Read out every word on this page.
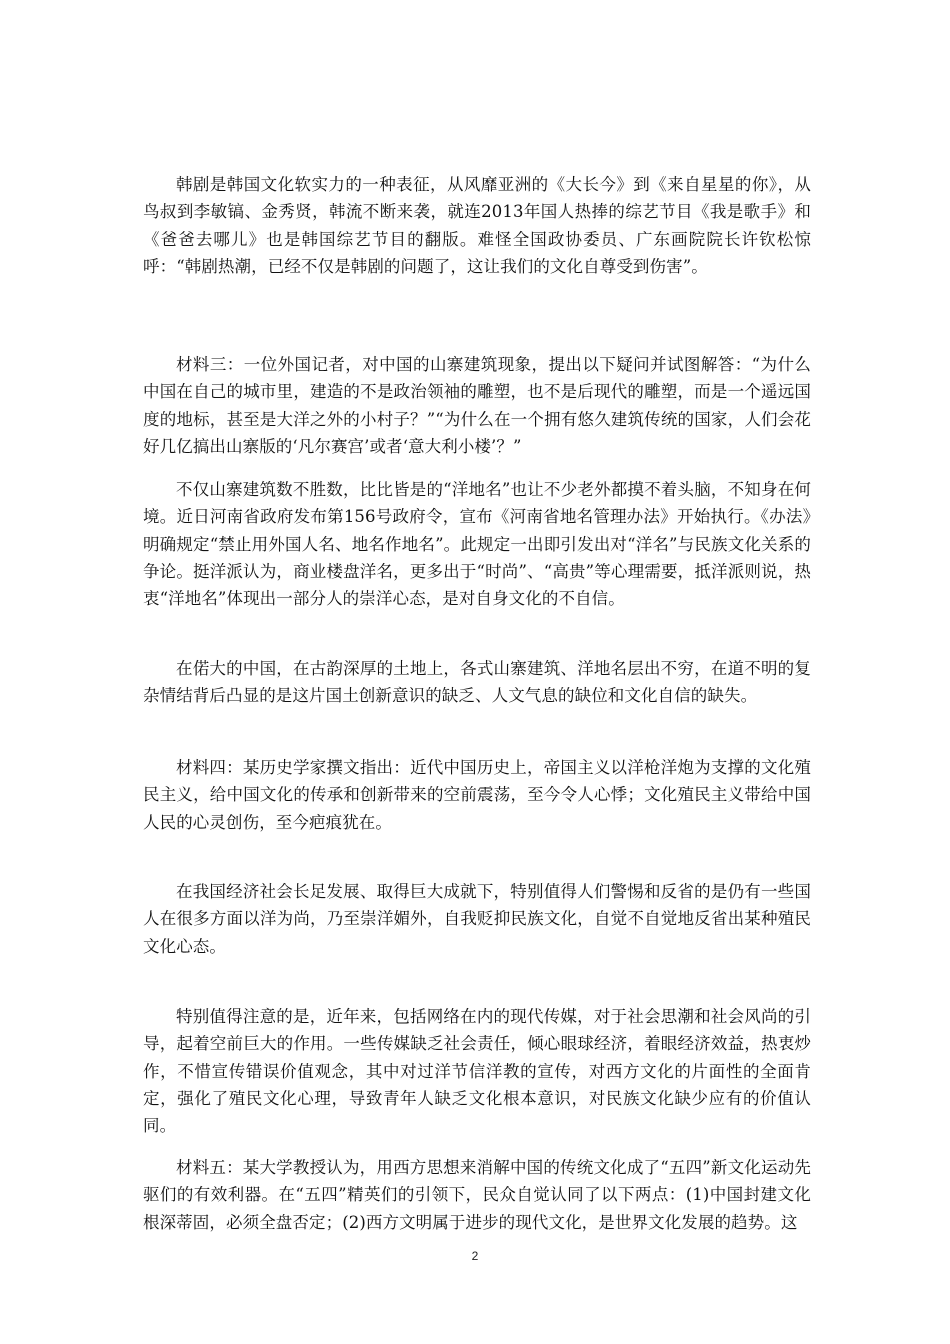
韩剧是韩国文化软实力的一种表征，从风靡亚洲的《大长今》到《来自星星的你》，从鸟叔到李敏镐、金秀贤，韩流不断来袭，就连2013年国人热捧的综艺节目《我是歌手》和《爸爸去哪儿》也是韩国综艺节目的翻版。难怪全国政协委员、广东画院院长许钦松惊呼：“韩剧热潮，已经不仅是韩剧的问题了，这让我们的文化自尊受到伤害”。

材料三：一位外国记者，对中国的山寨建筑现象，提出以下疑问并试图解答：“为什么中国在自己的城市里，建造的不是政治领袖的雕塑，也不是后现代的雕塑，而是一个遥远国度的地标，甚至是大洋之外的小村子？”“为什么在一个拥有悠久建筑传统的国家，人们会花好几亿搞出山寨版的‘凡尔赛宫’或者‘意大利小楼’？”

不仅山寨建筑数不胜数，比比皆是的“洋地名”也让不少老外都摸不着头脑，不知身在何境。近日河南省政府发布第156号政府令，宣布《河南省地名管理办法》开始执行。《办法》明确规定“禁止用外国人名、地名作地名”。此规定一出即引发出对“洋名”与民族文化关系的争论。挺洋派认为，商业楼盘洋名，更多出于“时尚”、“高贵”等心理需要，抵洋派则说，热衷“洋地名”体现出一部分人的崇洋心态，是对自身文化的不自信。

在偌大的中国，在古韵深厚的土地上，各式山寨建筑、洋地名层出不穷，在道不明的复杂情结背后凸显的是这片国土创新意识的缺乏、人文气息的缺位和文化自信的缺失。

材料四：某历史学家撰文指出：近代中国历史上，帝国主义以洋枪洋炮为支撑的文化殖民主义，给中国文化的传承和创新带来的空前震荡，至今令人心悸；文化殖民主义带给中国人民的心灵创伤，至今疤痕犹在。

在我国经济社会长足发展、取得巨大成就下，特别值得人们警惕和反省的是仍有一些国人在很多方面以洋为尚，乃至崇洋媚外，自我贬抑民族文化，自觉不自觉地反省出某种殖民文化心态。

特别值得注意的是，近年来，包括网络在内的现代传媒，对于社会思潮和社会风尚的引导，起着空前巨大的作用。一些传媒缺乏社会责任，倾心眼球经济，着眼经济效益，热衷炒作，不惜宣传错误价值观念，其中对过洋节信洋教的宣传，对西方文化的片面性的全面肯定，强化了殖民文化心理，导致青年人缺乏文化根本意识，对民族文化缺少应有的价值认同。

材料五：某大学教授认为，用西方思想来消解中国的传统文化成了“五四”新文化运动先驱们的有效利器。在“五四”精英们的引领下，民众自觉认同了以下两点：(1)中国封建文化根深蒂固，必须全盘否定；(2)西方文明属于进步的现代文化，是世界文化发展的趋势。这

2
